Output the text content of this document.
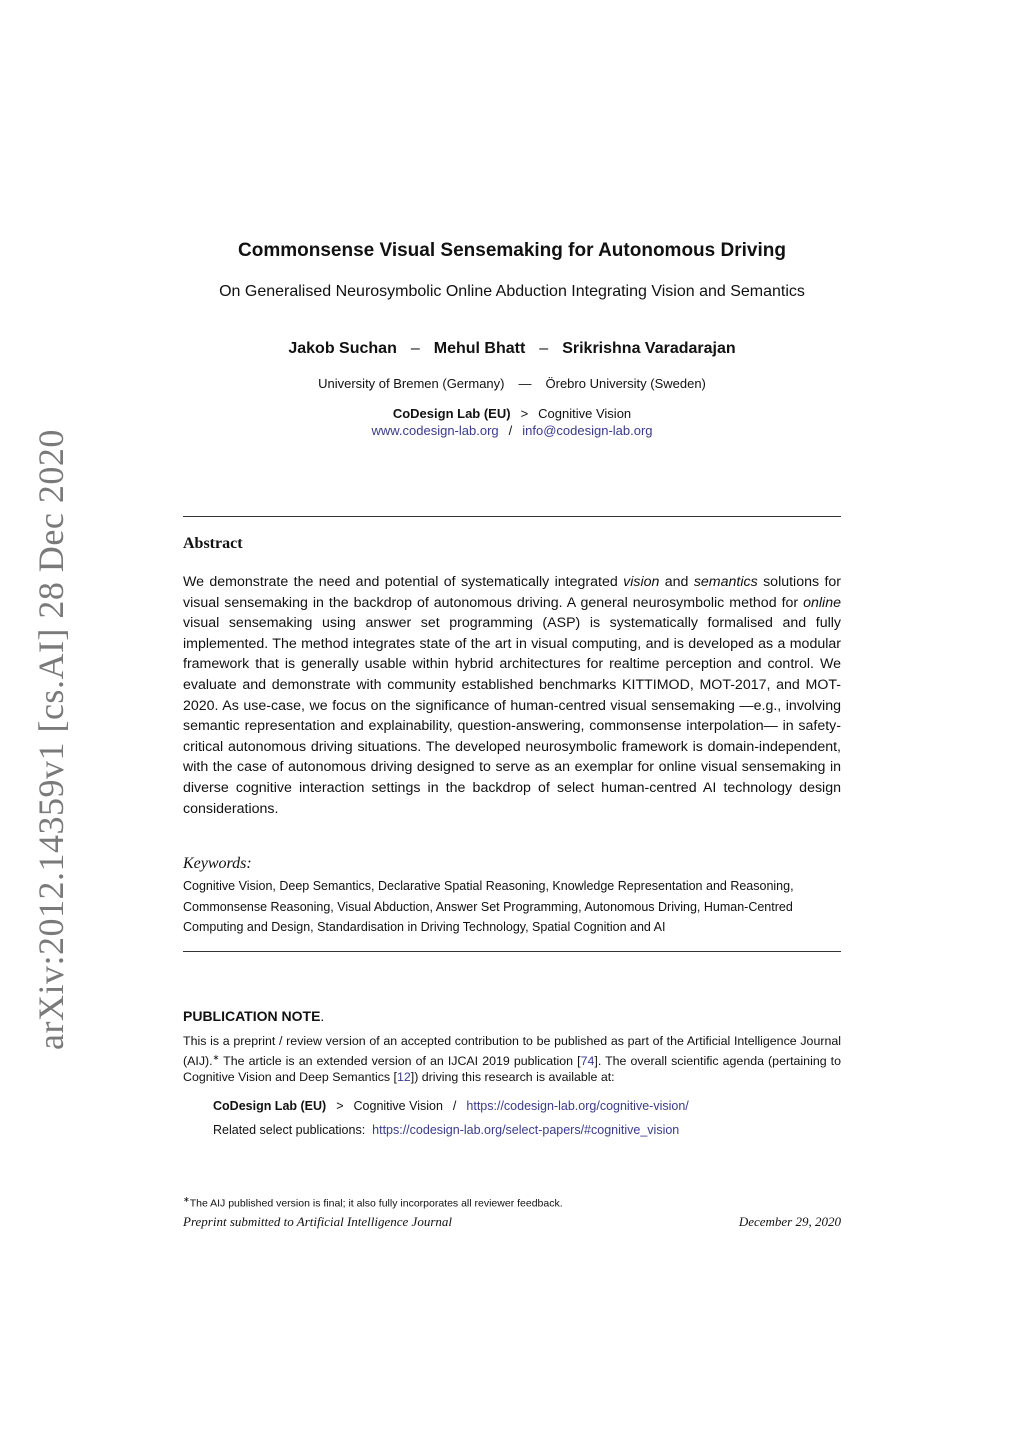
arXiv:2012.14359v1 [cs.AI] 28 Dec 2020
Commonsense Visual Sensemaking for Autonomous Driving
On Generalised Neurosymbolic Online Abduction Integrating Vision and Semantics
Jakob Suchan – Mehul Bhatt – Srikrishna Varadarajan
University of Bremen (Germany) — Örebro University (Sweden)
CoDesign Lab (EU) > Cognitive Vision
www.codesign-lab.org / info@codesign-lab.org
Abstract
We demonstrate the need and potential of systematically integrated vision and semantics solutions for visual sensemaking in the backdrop of autonomous driving. A general neurosymbolic method for online visual sensemaking using answer set programming (ASP) is systematically formalised and fully implemented. The method integrates state of the art in visual computing, and is developed as a modular framework that is generally usable within hybrid architectures for realtime perception and control. We evaluate and demonstrate with community established benchmarks KITTIMOD, MOT-2017, and MOT-2020. As use-case, we focus on the significance of human-centred visual sensemaking —e.g., involving semantic representation and explainability, question-answering, commonsense interpolation— in safety-critical autonomous driving situations. The developed neurosymbolic framework is domain-independent, with the case of autonomous driving designed to serve as an exemplar for online visual sensemaking in diverse cognitive interaction settings in the backdrop of select human-centred AI technology design considerations.
Keywords:
Cognitive Vision, Deep Semantics, Declarative Spatial Reasoning, Knowledge Representation and Reasoning, Commonsense Reasoning, Visual Abduction, Answer Set Programming, Autonomous Driving, Human-Centred Computing and Design, Standardisation in Driving Technology, Spatial Cognition and AI
PUBLICATION NOTE.
This is a preprint / review version of an accepted contribution to be published as part of the Artificial Intelligence Journal (AIJ).∗ The article is an extended version of an IJCAI 2019 publication [74]. The overall scientific agenda (pertaining to Cognitive Vision and Deep Semantics [12]) driving this research is available at:
CoDesign Lab (EU) > Cognitive Vision / https://codesign-lab.org/cognitive-vision/
Related select publications: https://codesign-lab.org/select-papers/#cognitive_vision
∗The AIJ published version is final; it also fully incorporates all reviewer feedback.
Preprint submitted to Artificial Intelligence Journal	December 29, 2020
